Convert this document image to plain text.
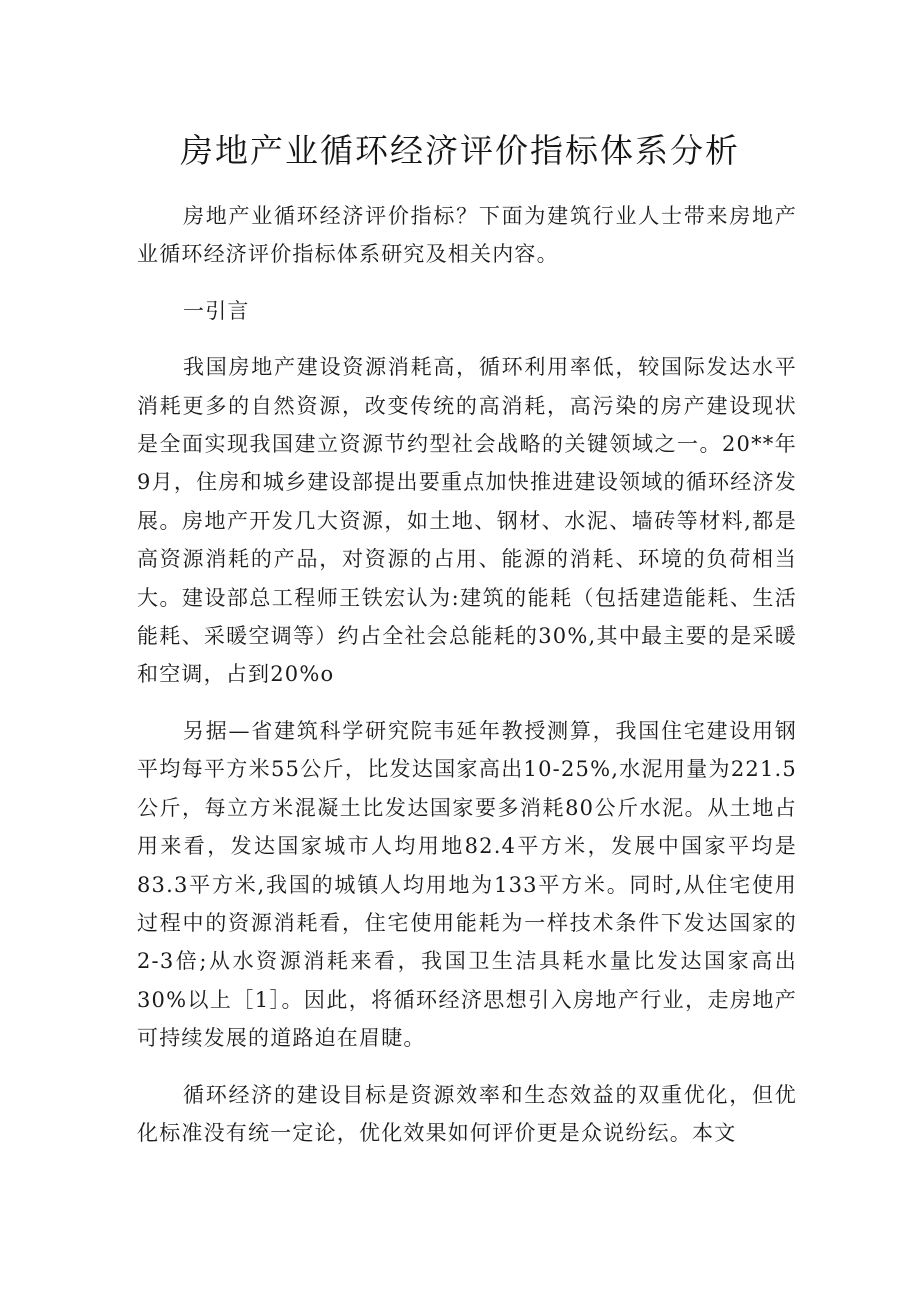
房地产业循环经济评价指标体系分析

房地产业循环经济评价指标？下面为建筑行业人士带来房地产业循环经济评价指标体系研究及相关内容。

一引言

我国房地产建设资源消耗高，循环利用率低，较国际发达水平消耗更多的自然资源，改变传统的高消耗，高污染的房产建设现状是全面实现我国建立资源节约型社会战略的关键领域之一。20**年9月，住房和城乡建设部提出要重点加快推进建设领域的循环经济发展。房地产开发几大资源，如土地、钢材、水泥、墙砖等材料,都是高资源消耗的产品，对资源的占用、能源的消耗、环境的负荷相当大。建设部总工程师王铁宏认为:建筑的能耗（包括建造能耗、生活能耗、采暖空调等）约占全社会总能耗的30%,其中最主要的是采暖和空调，占到20%o

另据—省建筑科学研究院韦延年教授测算，我国住宅建设用钢平均每平方米55公斤，比发达国家高出10-25%,水泥用量为221.5公斤，每立方米混凝土比发达国家要多消耗80公斤水泥。从土地占用来看，发达国家城市人均用地82.4平方米，发展中国家平均是83.3平方米,我国的城镇人均用地为133平方米。同时,从住宅使用过程中的资源消耗看，住宅使用能耗为一样技术条件下发达国家的2-3倍;从水资源消耗来看，我国卫生洁具耗水量比发达国家高出30%以上［1］。因此，将循环经济思想引入房地产行业，走房地产可持续发展的道路迫在眉睫。

循环经济的建设目标是资源效率和生态效益的双重优化，但优化标准没有统一定论，优化效果如何评价更是众说纷纭。本文
